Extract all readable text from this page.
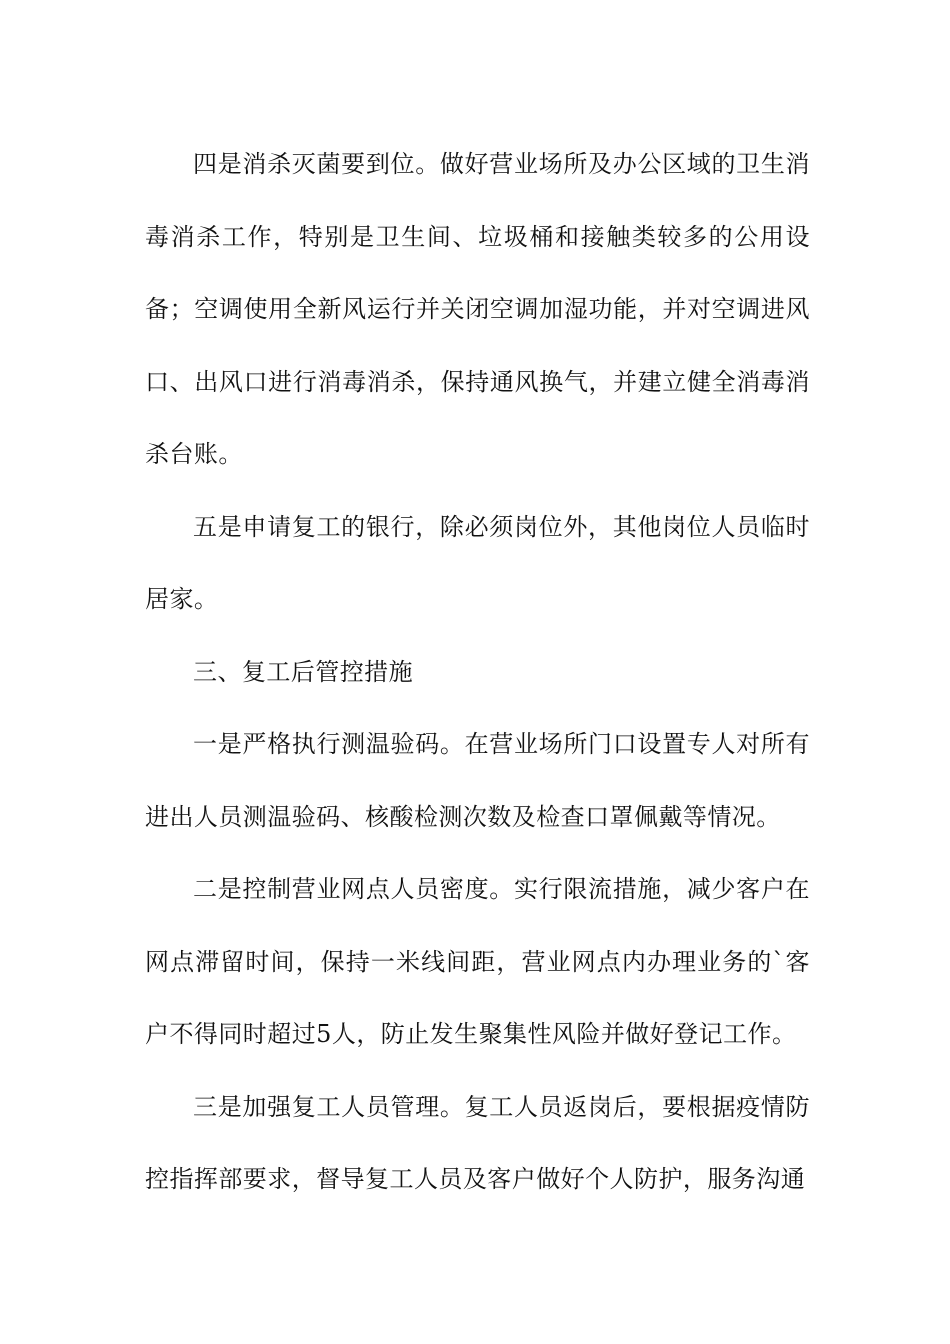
四是消杀灭菌要到位。做好营业场所及办公区域的卫生消毒消杀工作，特别是卫生间、垃圾桶和接触类较多的公用设备；空调使用全新风运行并关闭空调加湿功能，并对空调进风口、出风口进行消毒消杀，保持通风换气，并建立健全消毒消杀台账。

五是申请复工的银行，除必须岗位外，其他岗位人员临时居家。

三、复工后管控措施

一是严格执行测温验码。在营业场所门口设置专人对所有进出人员测温验码、核酸检测次数及检查口罩佩戴等情况。

二是控制营业网点人员密度。实行限流措施，减少客户在网点滞留时间，保持一米线间距，营业网点内办理业务的`客户不得同时超过5人，防止发生聚集性风险并做好登记工作。

三是加强复工人员管理。复工人员返岗后，要根据疫情防控指挥部要求，督导复工人员及客户做好个人防护，服务沟通
